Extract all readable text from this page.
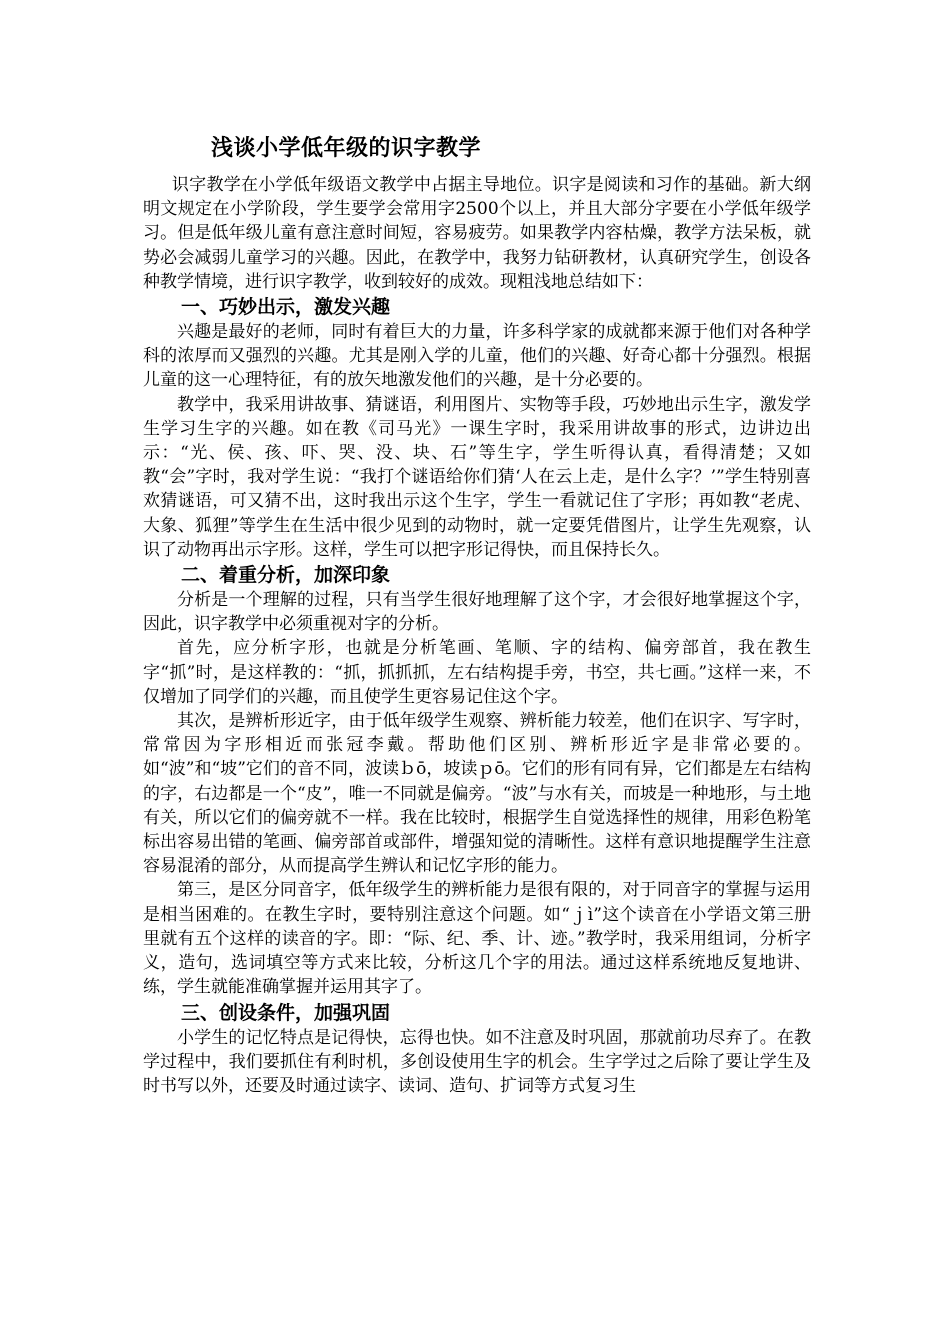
浅谈小学低年级的识字教学

识字教学在小学低年级语文教学中占据主导地位。识字是阅读和习作的基础。新大纲明文规定在小学阶段，学生要学会常用字2500个以上，并且大部分字要在小学低年级学习。但是低年级儿童有意注意时间短，容易疲劳。如果教学内容枯燥，教学方法呆板，就势必会减弱儿童学习的兴趣。因此，在教学中，我努力钻研教材，认真研究学生，创设各种教学情境，进行识字教学，收到较好的成效。现粗浅地总结如下：

一、巧妙出示，激发兴趣

兴趣是最好的老师，同时有着巨大的力量，许多科学家的成就都来源于他们对各种学科的浓厚而又强烈的兴趣。尤其是刚入学的儿童，他们的兴趣、好奇心都十分强烈。根据儿童的这一心理特征，有的放矢地激发他们的兴趣，是十分必要的。

教学中，我采用讲故事、猜谜语，利用图片、实物等手段，巧妙地出示生字，激发学生学习生字的兴趣。如在教《司马光》一课生字时，我采用讲故事的形式，边讲边出示：“光、侯、孩、吓、哭、没、块、石”等生字，学生听得认真，看得清楚；又如教“会”字时，我对学生说：“我打个谜语给你们猜‘人在云上走，是什么字？’”学生特别喜欢猜谜语，可又猜不出，这时我出示这个生字，学生一看就记住了字形；再如教“老虎、大象、狐狸”等学生在生活中很少见到的动物时，就一定要凭借图片，让学生先观察，认识了动物再出示字形。这样，学生可以把字形记得快，而且保持长久。

二、着重分析，加深印象

分析是一个理解的过程，只有当学生很好地理解了这个字，才会很好地掌握这个字，因此，识字教学中必须重视对字的分析。

首先，应分析字形，也就是分析笔画、笔顺、字的结构、偏旁部首，我在教生字“抓”时，是这样教的：“抓，抓抓抓，左右结构提手旁，书空，共七画。”这样一来，不仅增加了同学们的兴趣，而且使学生更容易记住这个字。

其次，是辨析形近字，由于低年级学生观察、辨析能力较差，他们在识字、写字时，常常因为字形相近而张冠李戴。帮助他们区别、辨析形近字是非常必要的。如“波”和“坡”它们的音不同，波读ｂō，坡读ｐō。它们的形有同有异，它们都是左右结构的字，右边都是一个“皮”，唯一不同就是偏旁。“波”与水有关，而坡是一种地形，与土地有关，所以它们的偏旁就不一样。我在比较时，根据学生自觉选择性的规律，用彩色粉笔标出容易出错的笔画、偏旁部首或部件，增强知觉的清晰性。这样有意识地提醒学生注意容易混淆的部分，从而提高学生辨认和记忆字形的能力。

第三，是区分同音字，低年级学生的辨析能力是很有限的，对于同音字的掌握与运用是相当困难的。在教生字时，要特别注意这个问题。如“ｊì”这个读音在小学语文第三册里就有五个这样的读音的字。即：“际、纪、季、计、迹。”教学时，我采用组词，分析字义，造句，选词填空等方式来比较，分析这几个字的用法。通过这样系统地反复地讲、练，学生就能准确掌握并运用其字了。

三、创设条件，加强巩固

小学生的记忆特点是记得快，忘得也快。如不注意及时巩固，那就前功尽弃了。在教学过程中，我们要抓住有利时机，多创设使用生字的机会。生字学过之后除了要让学生及时书写以外，还要及时通过读字、读词、造句、扩词等方式复习生
